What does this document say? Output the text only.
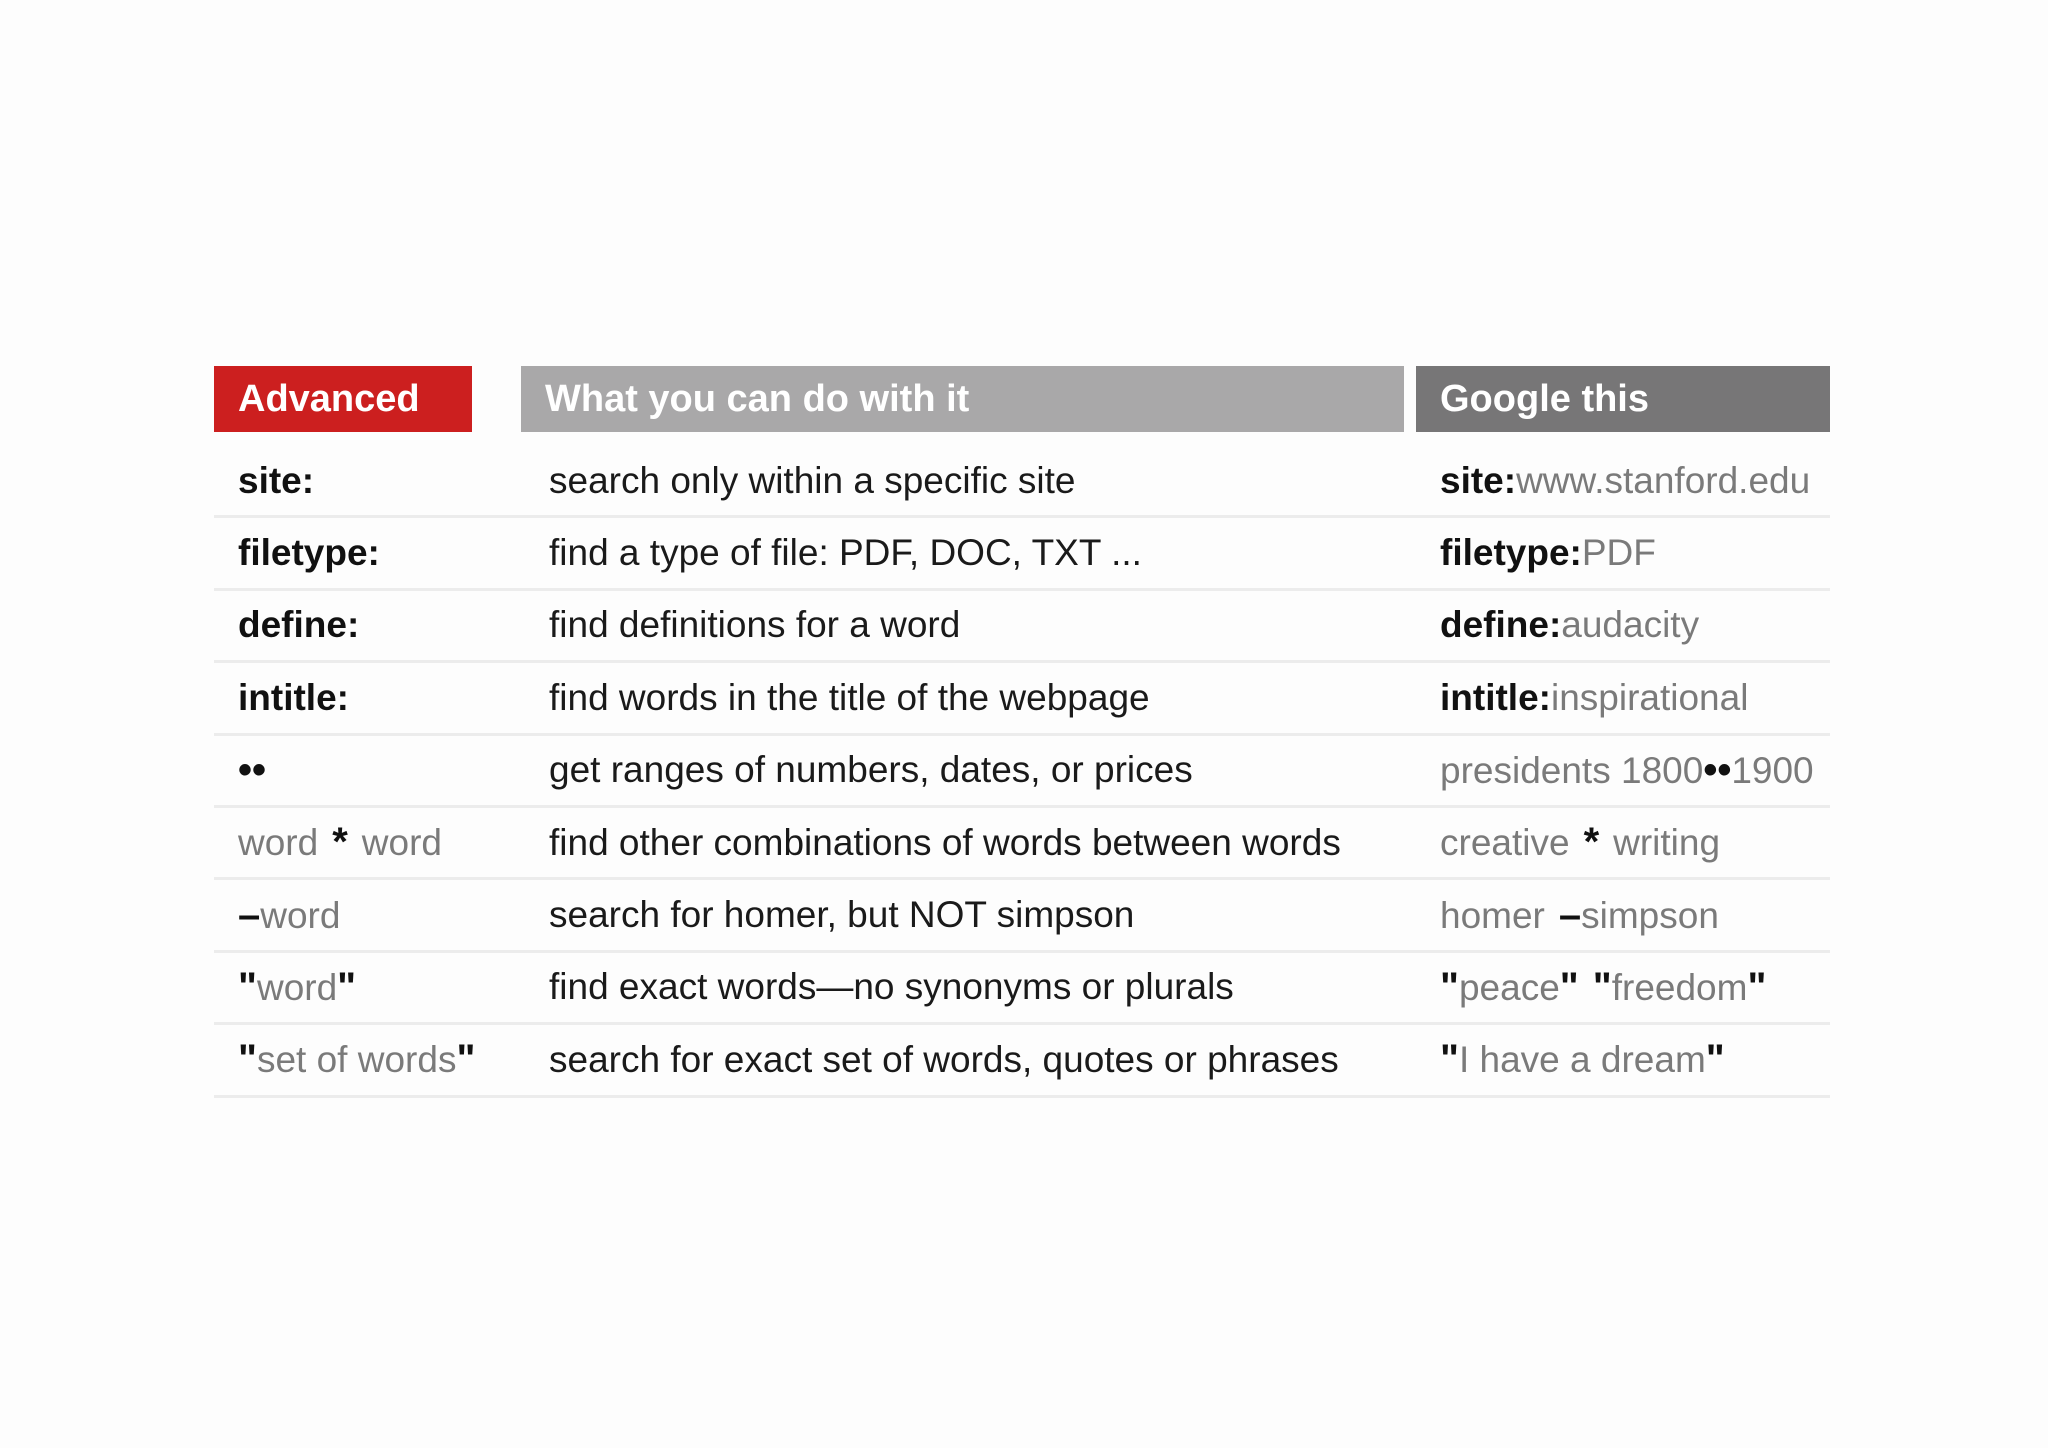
Advanced	What you can do with it	Google this
site:	search only within a specific site	site:www.stanford.edu
filetype:	find a type of file: PDF, DOC, TXT ...	filetype:PDF
define:	find definitions for a word	define:audacity
intitle:	find words in the title of the webpage	intitle:inspirational
••	get ranges of numbers, dates, or prices	presidents 1800••1900
word * word	find other combinations of words between words	creative * writing
–word	search for homer, but NOT simpson	homer –simpson
"word"	find exact words—no synonyms or plurals	"peace" "freedom"
"set of words"	search for exact set of words, quotes or phrases	"I have a dream"
